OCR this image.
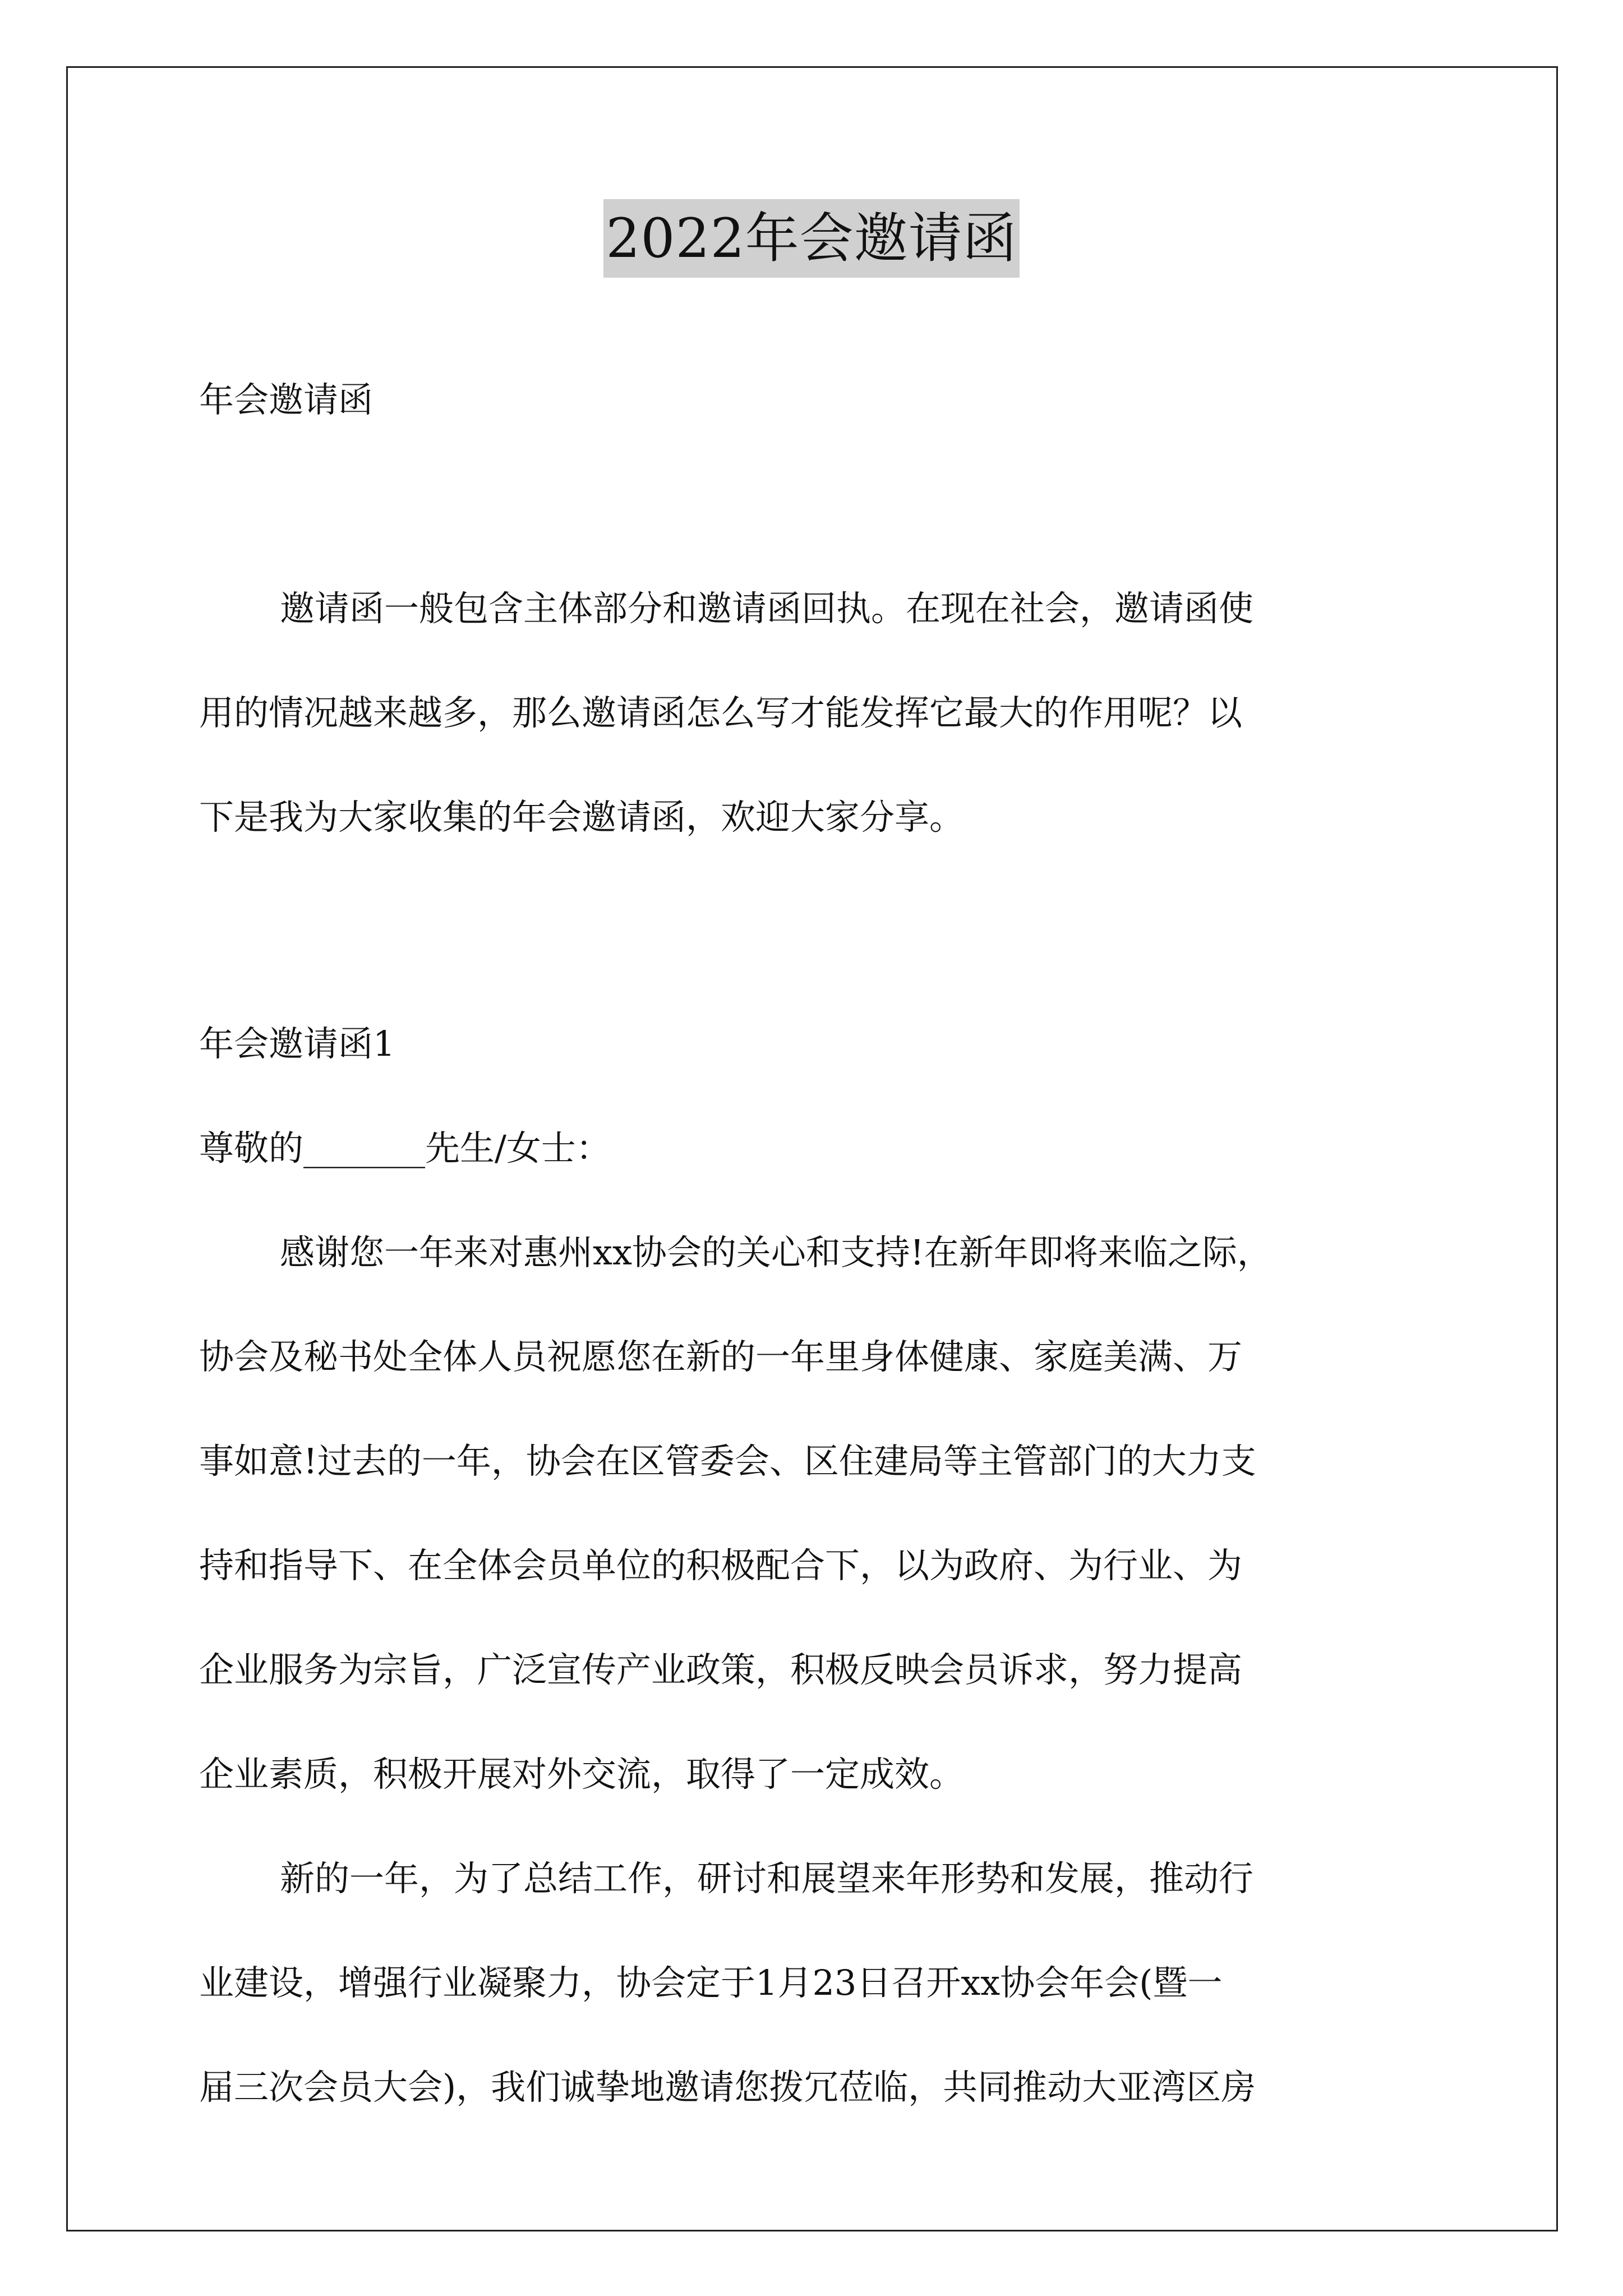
2022年会邀请函
年会邀请函
邀请函一般包含主体部分和邀请函回执。在现在社会，邀请函使
用的情况越来越多，那么邀请函怎么写才能发挥它最大的作用呢？以
下是我为大家收集的年会邀请函，欢迎大家分享。
年会邀请函1
尊敬的_______先生/女士：
感谢您一年来对惠州xx协会的关心和支持!在新年即将来临之际，
协会及秘书处全体人员祝愿您在新的一年里身体健康、家庭美满、万
事如意!过去的一年，协会在区管委会、区住建局等主管部门的大力支
持和指导下、在全体会员单位的积极配合下，以为政府、为行业、为
企业服务为宗旨，广泛宣传产业政策，积极反映会员诉求，努力提高
企业素质，积极开展对外交流，取得了一定成效。
新的一年，为了总结工作，研讨和展望来年形势和发展，推动行
业建设，增强行业凝聚力，协会定于1月23日召开xx协会年会(暨一
届三次会员大会)，我们诚挚地邀请您拨冗莅临，共同推动大亚湾区房
